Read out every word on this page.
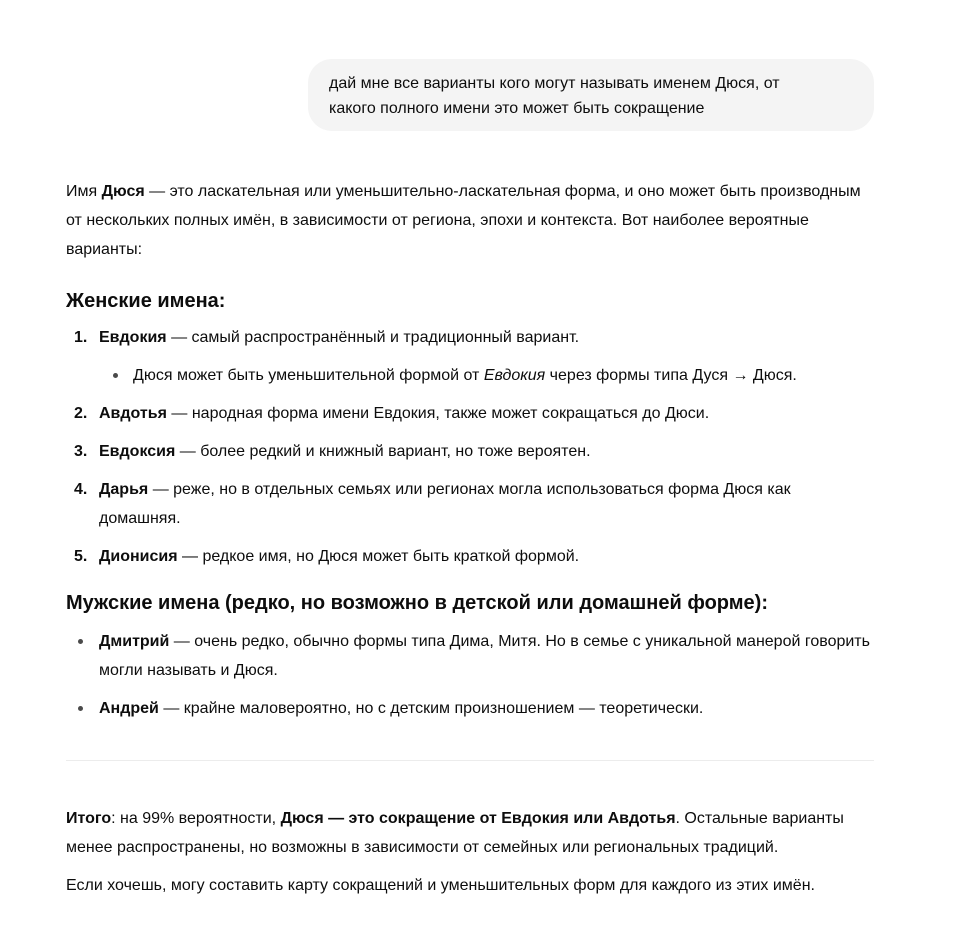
дай мне все варианты кого могут называть именем Дюся, от
какого полного имени это может быть сокращение

Имя Дюся — это ласкательная или уменьшительно-ласкательная форма, и оно может быть производным от нескольких полных имён, в зависимости от региона, эпохи и контекста. Вот наиболее вероятные варианты:

Женские имена:
1. Евдокия — самый распространённый и традиционный вариант.
Дюся может быть уменьшительной формой от Евдокия через формы типа Дуся → Дюся.
2. Авдотья — народная форма имени Евдокия, также может сокращаться до Дюси.
3. Евдоксия — более редкий и книжный вариант, но тоже вероятен.
4. Дарья — реже, но в отдельных семьях или регионах могла использоваться форма Дюся как домашняя.
5. Дионисия — редкое имя, но Дюся может быть краткой формой.
Мужские имена (редко, но возможно в детской или домашней форме):
Дмитрий — очень редко, обычно формы типа Дима, Митя. Но в семье с уникальной манерой говорить могли называть и Дюся.
Андрей — крайне маловероятно, но с детским произношением — теоретически.

Итого: на 99% вероятности, Дюся — это сокращение от Евдокия или Авдотья. Остальные варианты менее распространены, но возможны в зависимости от семейных или региональных традиций.

Если хочешь, могу составить карту сокращений и уменьшительных форм для каждого из этих имён.
